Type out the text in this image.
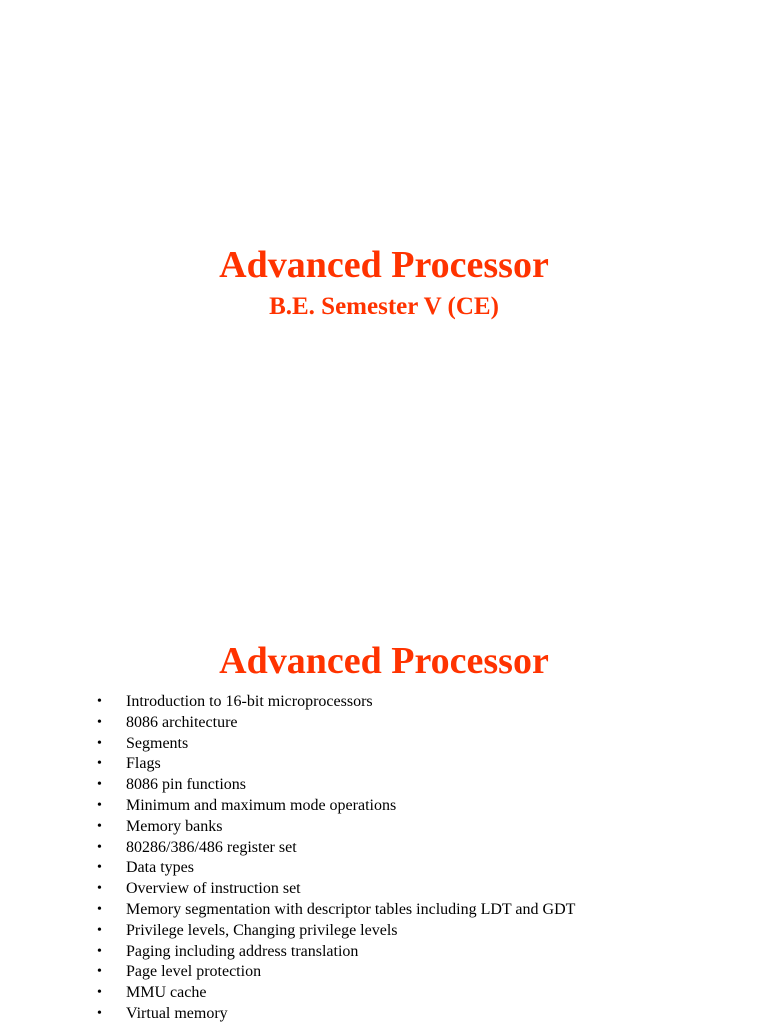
Advanced Processor
B.E. Semester V (CE)
Advanced Processor
• Introduction to 16-bit microprocessors
• 8086 architecture
• Segments
• Flags
• 8086 pin functions
• Minimum and maximum mode operations
• Memory banks
• 80286/386/486 register set
• Data types
• Overview of instruction set
• Memory segmentation with descriptor tables including LDT and GDT
• Privilege levels, Changing privilege levels
• Paging including address translation
• Page level protection
• MMU cache
• Virtual memory
